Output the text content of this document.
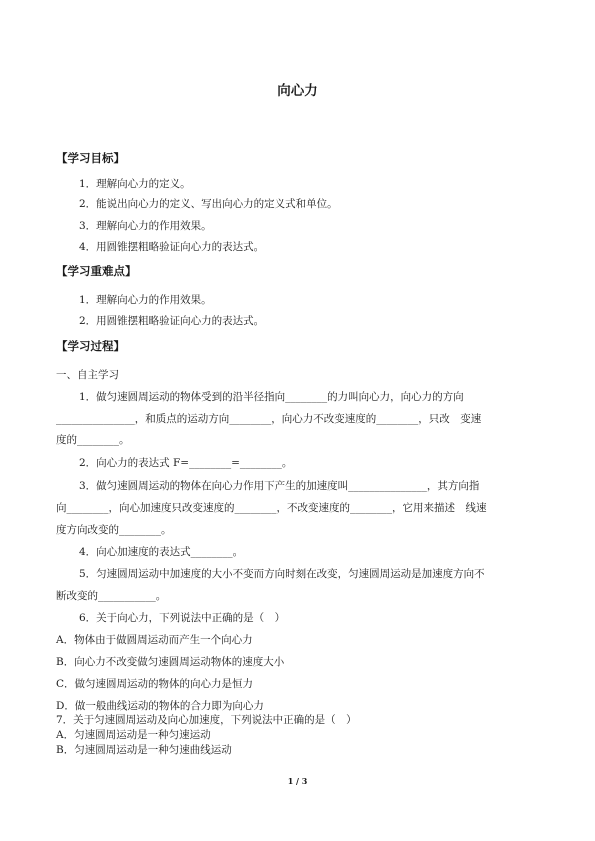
向心力
【学习目标】
1．理解向心力的定义。
2．能说出向心力的定义、写出向心力的定义式和单位。
3．理解向心力的作用效果。
4．用圆锥摆粗略验证向心力的表达式。
【学习重难点】
1．理解向心力的作用效果。
2．用圆锥摆粗略验证向心力的表达式。
【学习过程】
一、自主学习
1．做匀速圆周运动的物体受到的沿半径指向________的力叫向心力，向心力的方向
_______________，和质点的运动方向________，向心力不改变速度的________，只改　变速
度的________。
2．向心力的表达式 F=________=________。
3．做匀速圆周运动的物体在向心力作用下产生的加速度叫_______________，其方向指
向________，向心加速度只改变速度的________，不改变速度的________，它用来描述　线速
度方向改变的________。
4．向心加速度的表达式________。
5．匀速圆周运动中加速度的大小不变而方向时刻在改变，匀速圆周运动是加速度方向不
断改变的___________。
6．关于向心力，下列说法中正确的是（　）
A．物体由于做圆周运动而产生一个向心力
B．向心力不改变做匀速圆周运动物体的速度大小
C．做匀速圆周运动的物体的向心力是恒力
D．做一般曲线运动的物体的合力即为向心力
7．关于匀速圆周运动及向心加速度，下列说法中正确的是（　）
A．匀速圆周运动是一种匀速运动
B．匀速圆周运动是一种匀速曲线运动
1 / 3
